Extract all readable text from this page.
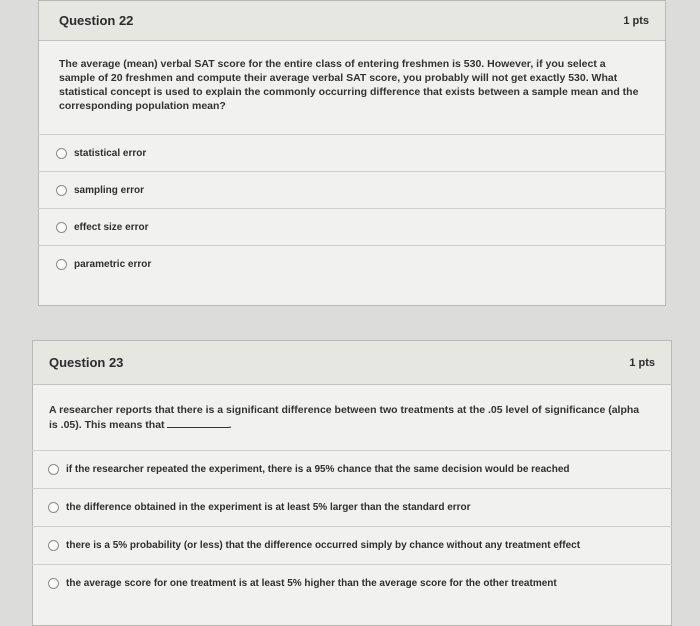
Question 22	1 pts
The average (mean) verbal SAT score for the entire class of entering freshmen is 530. However, if you select a sample of 20 freshmen and compute their average verbal SAT score, you probably will not get exactly 530. What statistical concept is used to explain the commonly occurring difference that exists between a sample mean and the corresponding population mean?
statistical error
sampling error
effect size error
parametric error
Question 23	1 pts
A researcher reports that there is a significant difference between two treatments at the .05 level of significance (alpha is .05). This means that	.
if the researcher repeated the experiment, there is a 95% chance that the same decision would be reached
the difference obtained in the experiment is at least 5% larger than the standard error
there is a 5% probability (or less) that the difference occurred simply by chance without any treatment effect
the average score for one treatment is at least 5% higher than the average score for the other treatment
